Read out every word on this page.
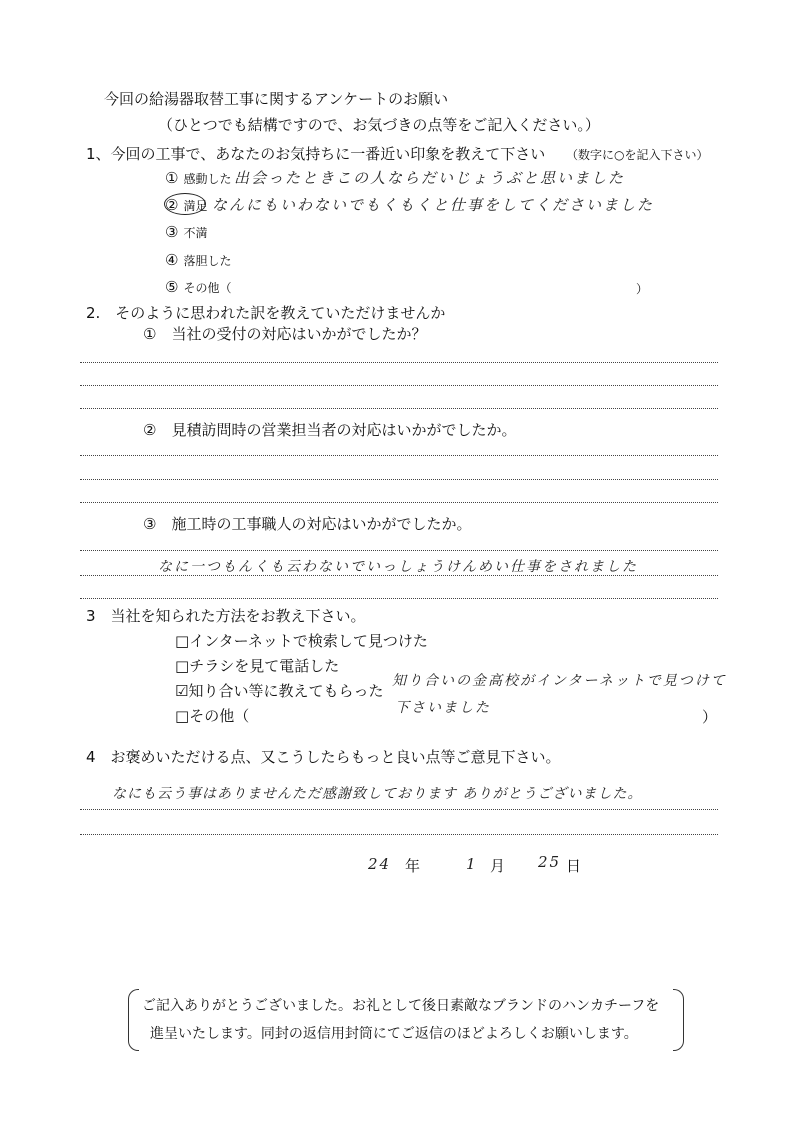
今回の給湯器取替工事に関するアンケートのお願い
（ひとつでも結構ですので、お気づきの点等をご記入ください。）
1、今回の工事で、あなたのお気持ちに一番近い印象を教えて下さい （数字に○を記入下さい）
① 感動した 出会ったときこの人ならだいじょうぶと思いました
② 満足 なんにもいわないでもくもくと仕事をしてくださいました
③ 不満
④ 落胆した
⑤ その他（	）
2.　そのように思われた訳を教えていただけませんか
①　当社の受付の対応はいかがでしたか？
②　見積訪問時の営業担当者の対応はいかがでしたか。
③　施工時の工事職人の対応はいかがでしたか。
なに一つもんくも云わないでいっしょうけんめい仕事をされました
3　当社を知られた方法をお教え下さい。
□インターネットで検索して見つけた
□チラシを見て電話した
☑知り合い等に教えてもらった
知り合いの金高校がインターネットで見つけて
□その他（	下さいました	）
4　お褒めいただける点、又こうしたらもっと良い点等ご意見下さい。
なにも云う事はありませんただ感謝致しております ありがとうございました。
24 年	1 月 25 日
ご記入ありがとうございました。お礼として後日素敵なブランドのハンカチーフを
進呈いたします。同封の返信用封筒にてご返信のほどよろしくお願いします。
